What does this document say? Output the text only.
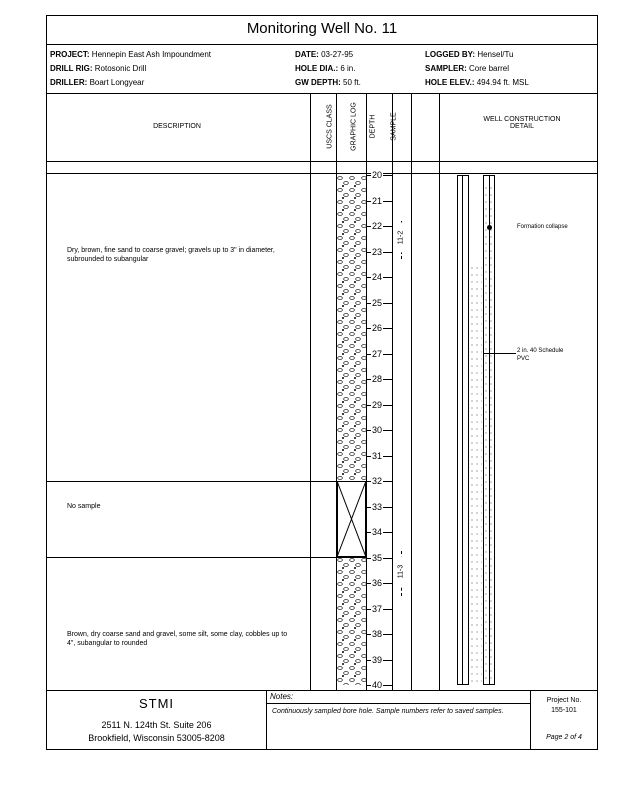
Monitoring Well No. 11
PROJECT: Hennepin East Ash Impoundment
DRILL RIG: Rotosonic Drill
DRILLER: Boart Longyear
DATE: 03-27-95
HOLE DIA.: 6 in.
GW DEPTH: 50 ft.
LOGGED BY: Hensel/Tu
SAMPLER: Core barrel
HOLE ELEV.: 494.94 ft. MSL
DESCRIPTION	USCS CLASS GRAPHIC LOG DEPTH SAMPLE	WELL CONSTRUCTION
DETAIL
Dry, brown, fine sand to coarse gravel; gravels up to 3" in diameter, subrounded to subangular
No sample
Brown, dry coarse sand and gravel, some silt, some clay, cobbles up to 4", subangular to rounded
20
21
22
23
24
25
26
27
28
29
30
31
32
33
34
35
36
37
38
39
40
11-2
11-3
Formation collapse
2 in. 40 Schedule
PVC
STMI
2511 N. 124th St. Suite 206
Brookfield, Wisconsin 53005-8208
Notes:
Continuously sampled bore hole. Sample numbers refer to saved samples.
Project No.
155-101
Page 2 of 4
